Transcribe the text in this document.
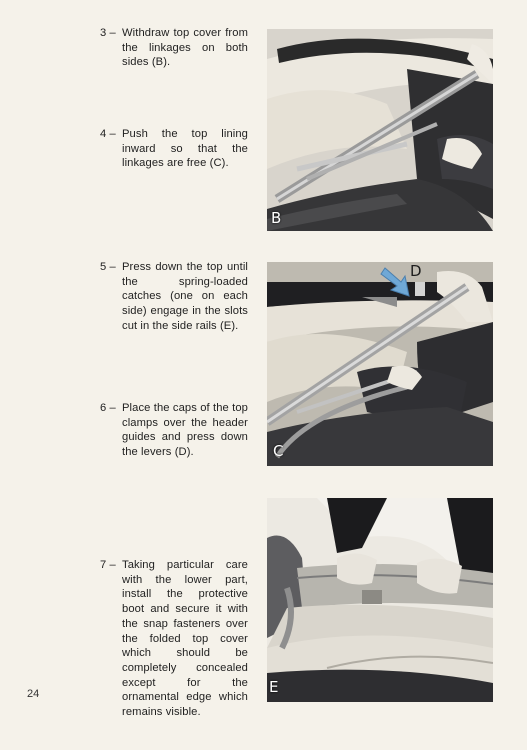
3 – Withdraw top cover from the linkages on both sides (B).
4 – Push the top lining inward so that the linkages are free (C).
5 – Press down the top until the spring-loaded catches (one on each side) engage in the slots cut in the side rails (E).
6 – Place the caps of the top clamps over the header guides and press down the levers (D).
7 – Taking particular care with the lower part, install the protective boot and secure it with the snap fasteners over the folded top cover which should be completely concealed except for the ornamental edge which remains visible.
B
C
D
E
24
